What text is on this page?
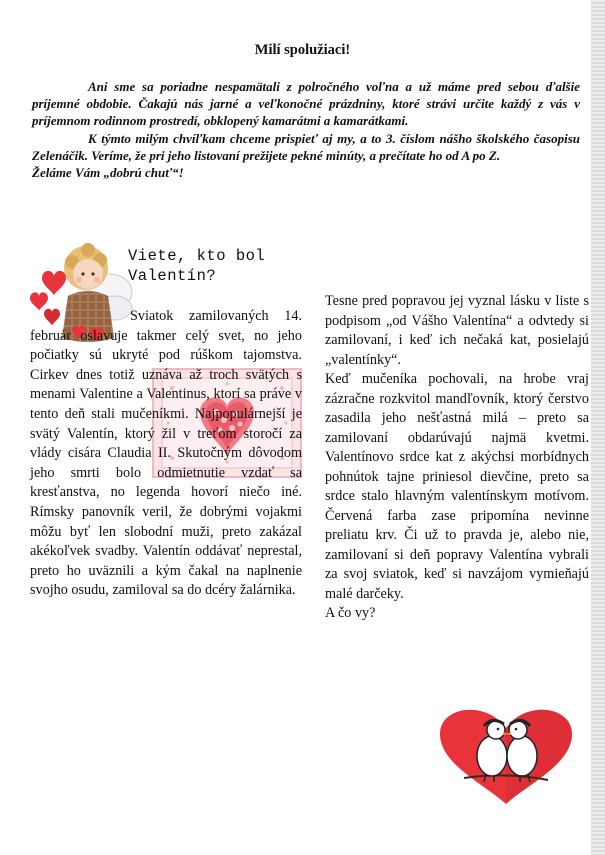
Milí spolužiaci!

Ani sme sa poriadne nespamätali z polročného voľna a už máme pred sebou ďalšie príjemné obdobie. Čakajú nás jarné a veľkonočné prázdniny, ktoré strávi určite každý z vás v príjemnom rodinnom prostredí, obklopený kamarátmi a kamarátkami.

K týmto milým chvíľkam chceme prispieť aj my, a to 3. číslom nášho školského časopisu Zelenáčik. Veríme, že pri jeho listovaní prežijete pekné minúty, a prečítate ho od A po Z.

Želáme Vám „dobrú chuť“!

Viete, kto bol
Valentín?

Sviatok zamilovaných 14. február oslavuje takmer celý svet, no jeho počiatky sú ukryté pod rúškom tajomstva. Cirkev dnes totiž uznáva až troch svätých s menami Valentine a Valentinus, ktorí sa práve v tento deň stali mučeníkmi. Najpopulárnejší je svätý Valentín, ktorý žil v treťom storočí za vlády cisára Claudia II. Skutočným dôvodom jeho smrti bolo odmietnutie vzdať sa kresťanstva, no legenda hovorí niečo iné. Rímsky panovník veril, že dobrými vojakmi môžu byť len slobodní muži, preto zakázal akékoľvek svadby. Valentín oddávať neprestal, preto ho uväznili a kým čakal na naplnenie svojho osudu, zamiloval sa do dcéry žalárnika.

Tesne pred popravou jej vyznal lásku v liste s podpisom „od Vášho Valentína“ a odvtedy si zamilovaní, i keď ich nečaká kat, posielajú „valentínky“.

Keď mučeníka pochovali, na hrobe vraj zázračne rozkvitol mandľovník, ktorý čerstvo zasadila jeho nešťastná milá – preto sa zamilovaní obdarúvajú najmä kvetmi. Valentínovo srdce kat z akýchsi morbídnych pohnútok tajne priniesol dievčine, preto sa srdce stalo hlavným valentínskym motívom. Červená farba zase pripomína nevinne preliatu krv. Či už to pravda je, alebo nie, zamilovaní si deň popravy Valentína vybrali za svoj sviatok, keď si navzájom vymieňajú malé darčeky.

A čo vy?
